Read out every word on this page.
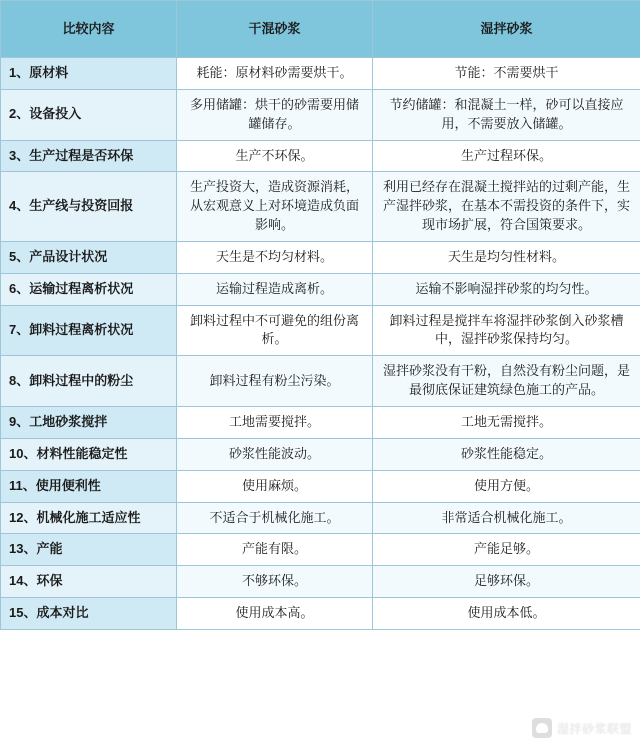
比较内容	干混砂浆	湿拌砂浆
1、原材料	耗能：原材料砂需要烘干。	节能：不需要烘干
2、设备投入	多用储罐：烘干的砂需要用储罐储存。	节约储罐：和混凝土一样，砂可以直接应用，不需要放入储罐。
3、生产过程是否环保	生产不环保。	生产过程环保。
4、生产线与投资回报	生产投资大，造成资源消耗，从宏观意义上对环境造成负面影响。	利用已经存在混凝土搅拌站的过剩产能，生产湿拌砂浆，在基本不需投资的条件下，实现市场扩展，符合国策要求。
5、产品设计状况	天生是不均匀材料。	天生是均匀性材料。
6、运输过程离析状况	运输过程造成离析。	运输不影响湿拌砂浆的均匀性。
7、卸料过程离析状况	卸料过程中不可避免的组份离析。	卸料过程是搅拌车将湿拌砂浆倒入砂浆槽中，湿拌砂浆保持均匀。
8、卸料过程中的粉尘	卸料过程有粉尘污染。	湿拌砂浆没有干粉，自然没有粉尘问题，是最彻底保证建筑绿色施工的产品。
9、工地砂浆搅拌	工地需要搅拌。	工地无需搅拌。
10、材料性能稳定性	砂浆性能波动。	砂浆性能稳定。
11、使用便利性	使用麻烦。	使用方便。
12、机械化施工适应性	不适合于机械化施工。	非常适合机械化施工。
13、产能	产能有限。	产能足够。
14、环保	不够环保。	足够环保。
15、成本对比	使用成本高。	使用成本低。
湿拌砂浆联盟
